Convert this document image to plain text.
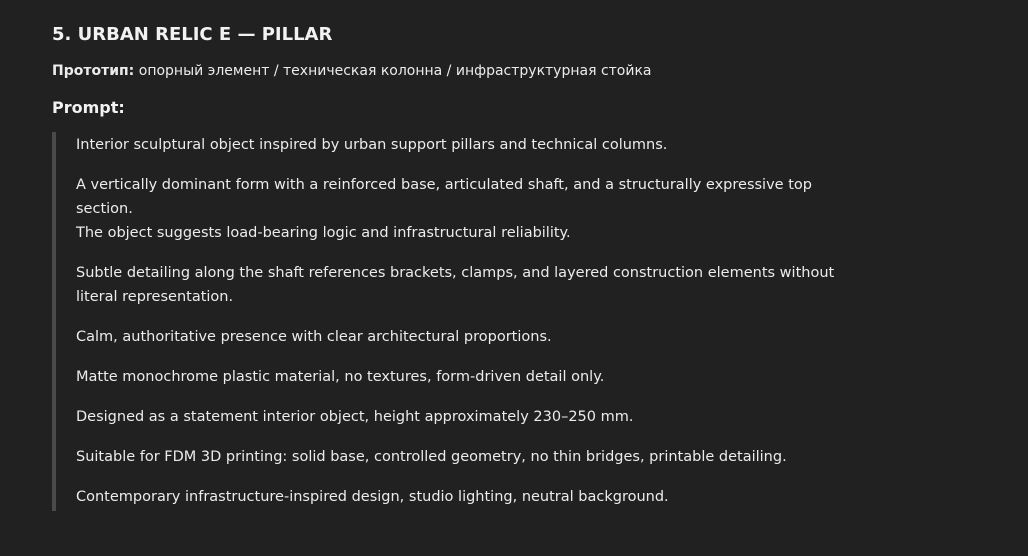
5. URBAN RELIC E — PILLAR

Прототип: опорный элемент / техническая колонна / инфраструктурная стойка

Prompt:

Interior sculptural object inspired by urban support pillars and technical columns.

A vertically dominant form with a reinforced base, articulated shaft, and a structurally expressive top section.

The object suggests load-bearing logic and infrastructural reliability.

Subtle detailing along the shaft references brackets, clamps, and layered construction elements without literal representation.

Calm, authoritative presence with clear architectural proportions.

Matte monochrome plastic material, no textures, form-driven detail only.

Designed as a statement interior object, height approximately 230–250 mm.

Suitable for FDM 3D printing: solid base, controlled geometry, no thin bridges, printable detailing.

Contemporary infrastructure-inspired design, studio lighting, neutral background.
